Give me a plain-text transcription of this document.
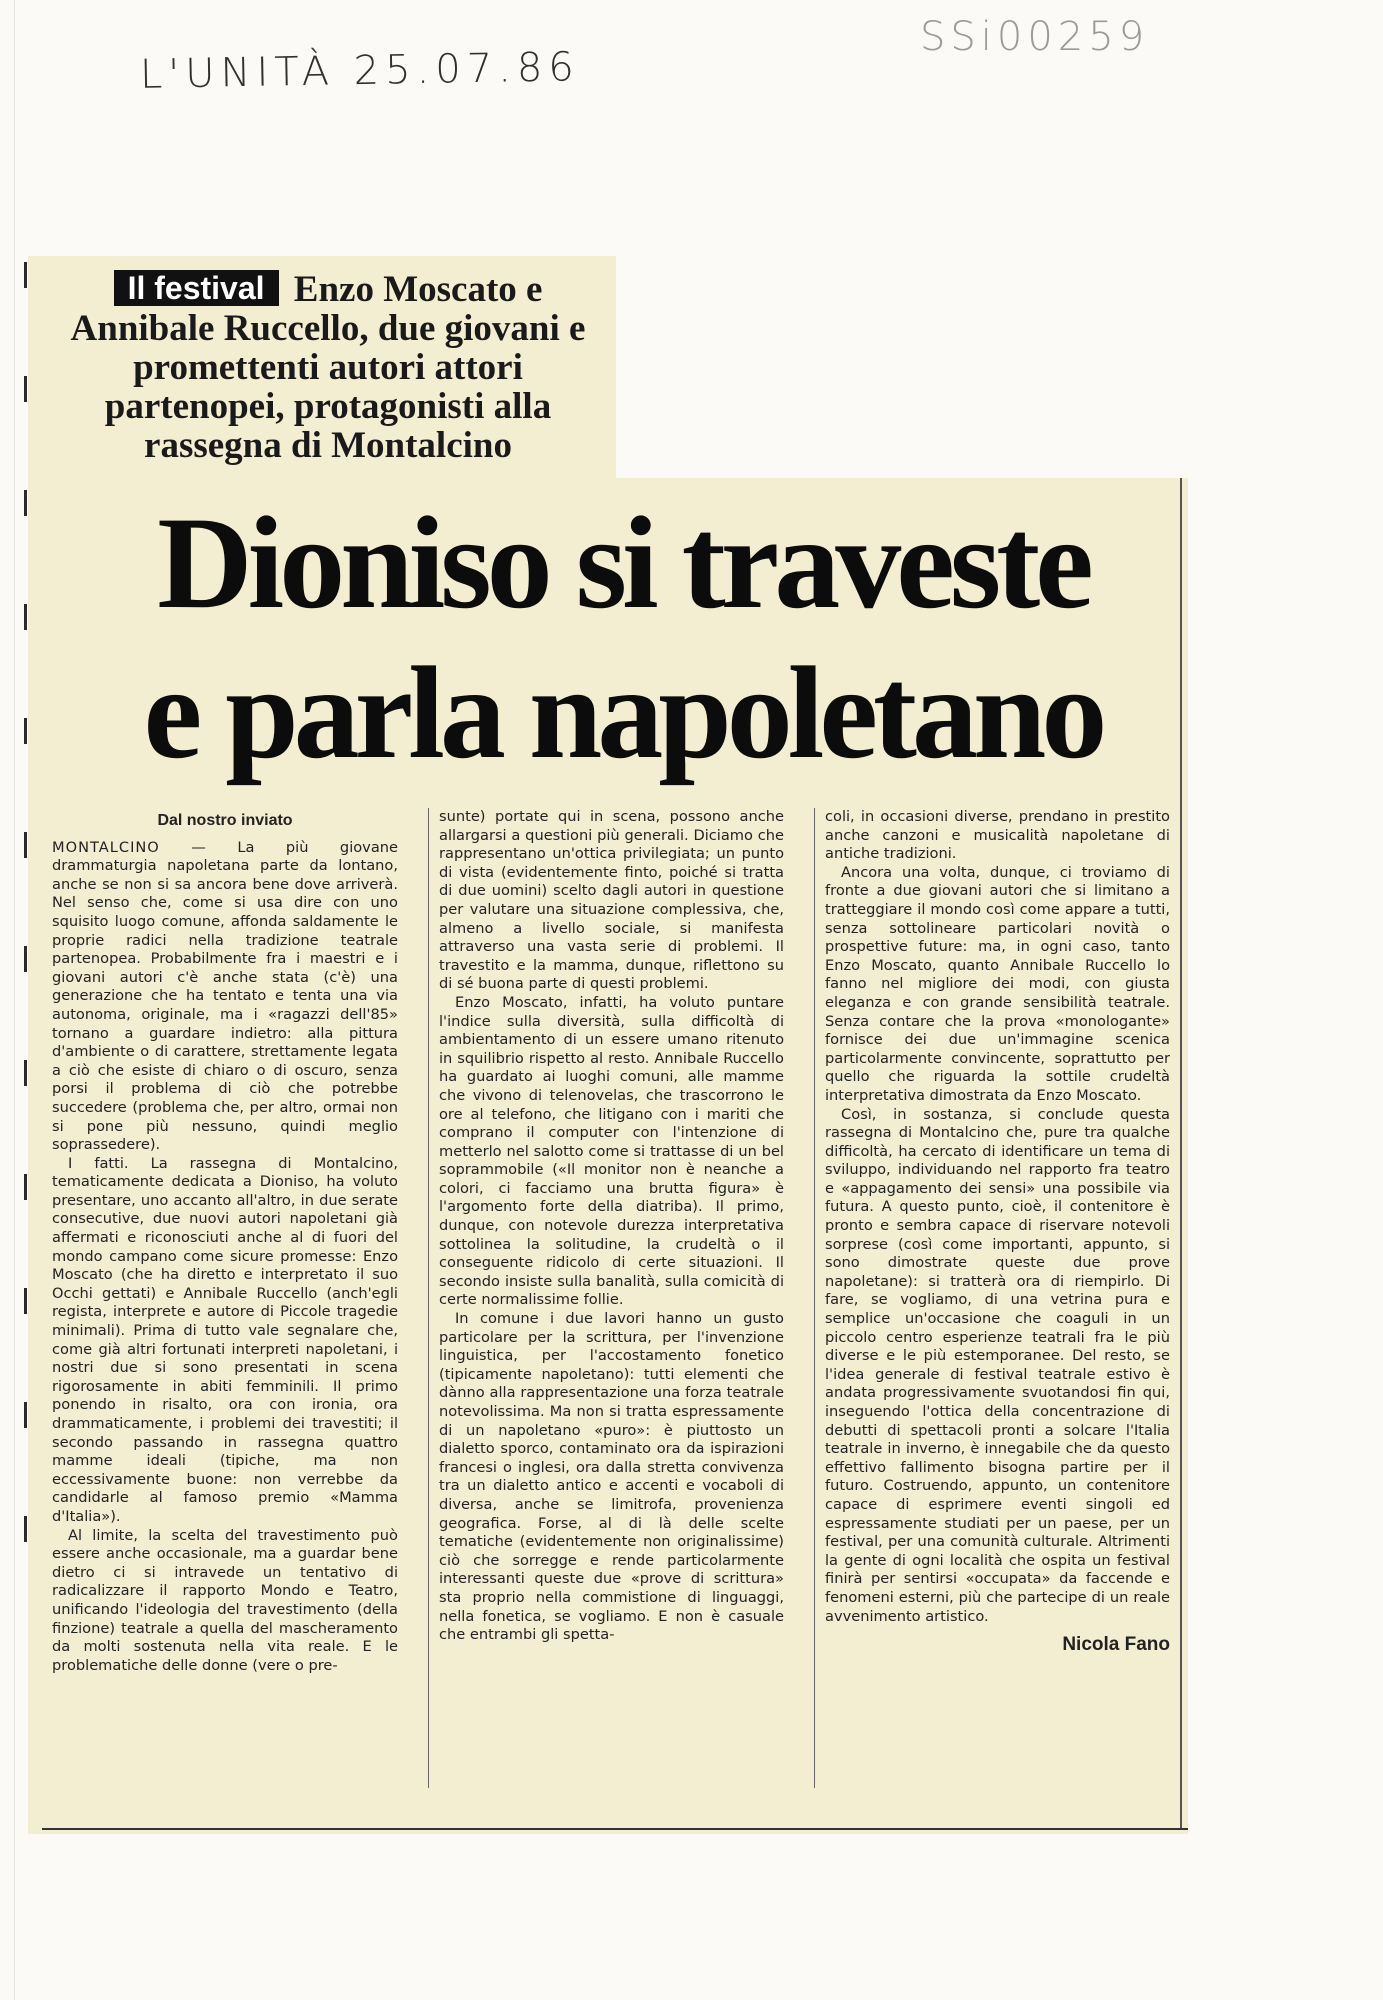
L'UNITÀ 25.07.86
SSi00259
Il festival Enzo Moscato e Annibale Ruccello, due giovani e promettenti autori attori partenopei, protagonisti alla rassegna di Montalcino
Dioniso si traveste
e parla napoletano
Dal nostro inviato

MONTALCINO — La più giovane drammaturgia napoletana parte da lontano, anche se non si sa ancora bene dove arriverà. Nel senso che, come si usa dire con uno squisito luogo comune, affonda saldamente le proprie radici nella tradizione teatrale partenopea. Probabilmente fra i maestri e i giovani autori c'è anche stata (c'è) una generazione che ha tentato e tenta una via autonoma, originale, ma i «ragazzi dell'85» tornano a guardare indietro: alla pittura d'ambiente o di carattere, strettamente legata a ciò che esiste di chiaro o di oscuro, senza porsi il problema di ciò che potrebbe succedere (problema che, per altro, ormai non si pone più nessuno, quindi meglio soprassedere).

I fatti. La rassegna di Montalcino, tematicamente dedicata a Dioniso, ha voluto presentare, uno accanto all'altro, in due serate consecutive, due nuovi autori napoletani già affermati e riconosciuti anche al di fuori del mondo campano come sicure promesse: Enzo Moscato (che ha diretto e interpretato il suo Occhi gettati) e Annibale Ruccello (anch'egli regista, interprete e autore di Piccole tragedie minimali). Prima di tutto vale segnalare che, come già altri fortunati interpreti napoletani, i nostri due si sono presentati in scena rigorosamente in abiti femminili. Il primo ponendo in risalto, ora con ironia, ora drammaticamente, i problemi dei travestiti; il secondo passando in rassegna quattro mamme ideali (tipiche, ma non eccessivamente buone: non verrebbe da candidarle al famoso premio «Mamma d'Italia»).

Al limite, la scelta del travestimento può essere anche occasionale, ma a guardar bene dietro ci si intravede un tentativo di radicalizzare il rapporto Mondo e Teatro, unificando l'ideologia del travestimento (della finzione) teatrale a quella del mascheramento da molti sostenuta nella vita reale. E le problematiche delle donne (vere o pre-

sunte) portate qui in scena, possono anche allargarsi a questioni più generali. Diciamo che rappresentano un'ottica privilegiata; un punto di vista (evidentemente finto, poiché si tratta di due uomini) scelto dagli autori in questione per valutare una situazione complessiva, che, almeno a livello sociale, si manifesta attraverso una vasta serie di problemi. Il travestito e la mamma, dunque, riflettono su di sé buona parte di questi problemi.

Enzo Moscato, infatti, ha voluto puntare l'indice sulla diversità, sulla difficoltà di ambientamento di un essere umano ritenuto in squilibrio rispetto al resto. Annibale Ruccello ha guardato ai luoghi comuni, alle mamme che vivono di telenovelas, che trascorrono le ore al telefono, che litigano con i mariti che comprano il computer con l'intenzione di metterlo nel salotto come si trattasse di un bel soprammobile («Il monitor non è neanche a colori, ci facciamo una brutta figura» è l'argomento forte della diatriba). Il primo, dunque, con notevole durezza interpretativa sottolinea la solitudine, la crudeltà o il conseguente ridicolo di certe situazioni. Il secondo insiste sulla banalità, sulla comicità di certe normalissime follie.

In comune i due lavori hanno un gusto particolare per la scrittura, per l'invenzione linguistica, per l'accostamento fonetico (tipicamente napoletano): tutti elementi che dànno alla rappresentazione una forza teatrale notevolissima. Ma non si tratta espressamente di un napoletano «puro»: è piuttosto un dialetto sporco, contaminato ora da ispirazioni francesi o inglesi, ora dalla stretta convivenza tra un dialetto antico e accenti e vocaboli di diversa, anche se limitrofa, provenienza geografica. Forse, al di là delle scelte tematiche (evidentemente non originalissime) ciò che sorregge e rende particolarmente interessanti queste due «prove di scrittura» sta proprio nella commistione di linguaggi, nella fonetica, se vogliamo. E non è casuale che entrambi gli spetta-

coli, in occasioni diverse, prendano in prestito anche canzoni e musicalità napoletane di antiche tradizioni.

Ancora una volta, dunque, ci troviamo di fronte a due giovani autori che si limitano a tratteggiare il mondo così come appare a tutti, senza sottolineare particolari novità o prospettive future: ma, in ogni caso, tanto Enzo Moscato, quanto Annibale Ruccello lo fanno nel migliore dei modi, con giusta eleganza e con grande sensibilità teatrale. Senza contare che la prova «monologante» fornisce dei due un'immagine scenica particolarmente convincente, soprattutto per quello che riguarda la sottile crudeltà interpretativa dimostrata da Enzo Moscato.

Così, in sostanza, si conclude questa rassegna di Montalcino che, pure tra qualche difficoltà, ha cercato di identificare un tema di sviluppo, individuando nel rapporto fra teatro e «appagamento dei sensi» una possibile via futura. A questo punto, cioè, il contenitore è pronto e sembra capace di riservare notevoli sorprese (così come importanti, appunto, si sono dimostrate queste due prove napoletane): si tratterà ora di riempirlo. Di fare, se vogliamo, di una vetrina pura e semplice un'occasione che coaguli in un piccolo centro esperienze teatrali fra le più diverse e le più estemporanee. Del resto, se l'idea generale di festival teatrale estivo è andata progressivamente svuotandosi fin qui, inseguendo l'ottica della concentrazione di debutti di spettacoli pronti a solcare l'Italia teatrale in inverno, è innegabile che da questo effettivo fallimento bisogna partire per il futuro. Costruendo, appunto, un contenitore capace di esprimere eventi singoli ed espressamente studiati per un paese, per un festival, per una comunità culturale. Altrimenti la gente di ogni località che ospita un festival finirà per sentirsi «occupata» da faccende e fenomeni esterni, più che partecipe di un reale avvenimento artistico.

Nicola Fano
